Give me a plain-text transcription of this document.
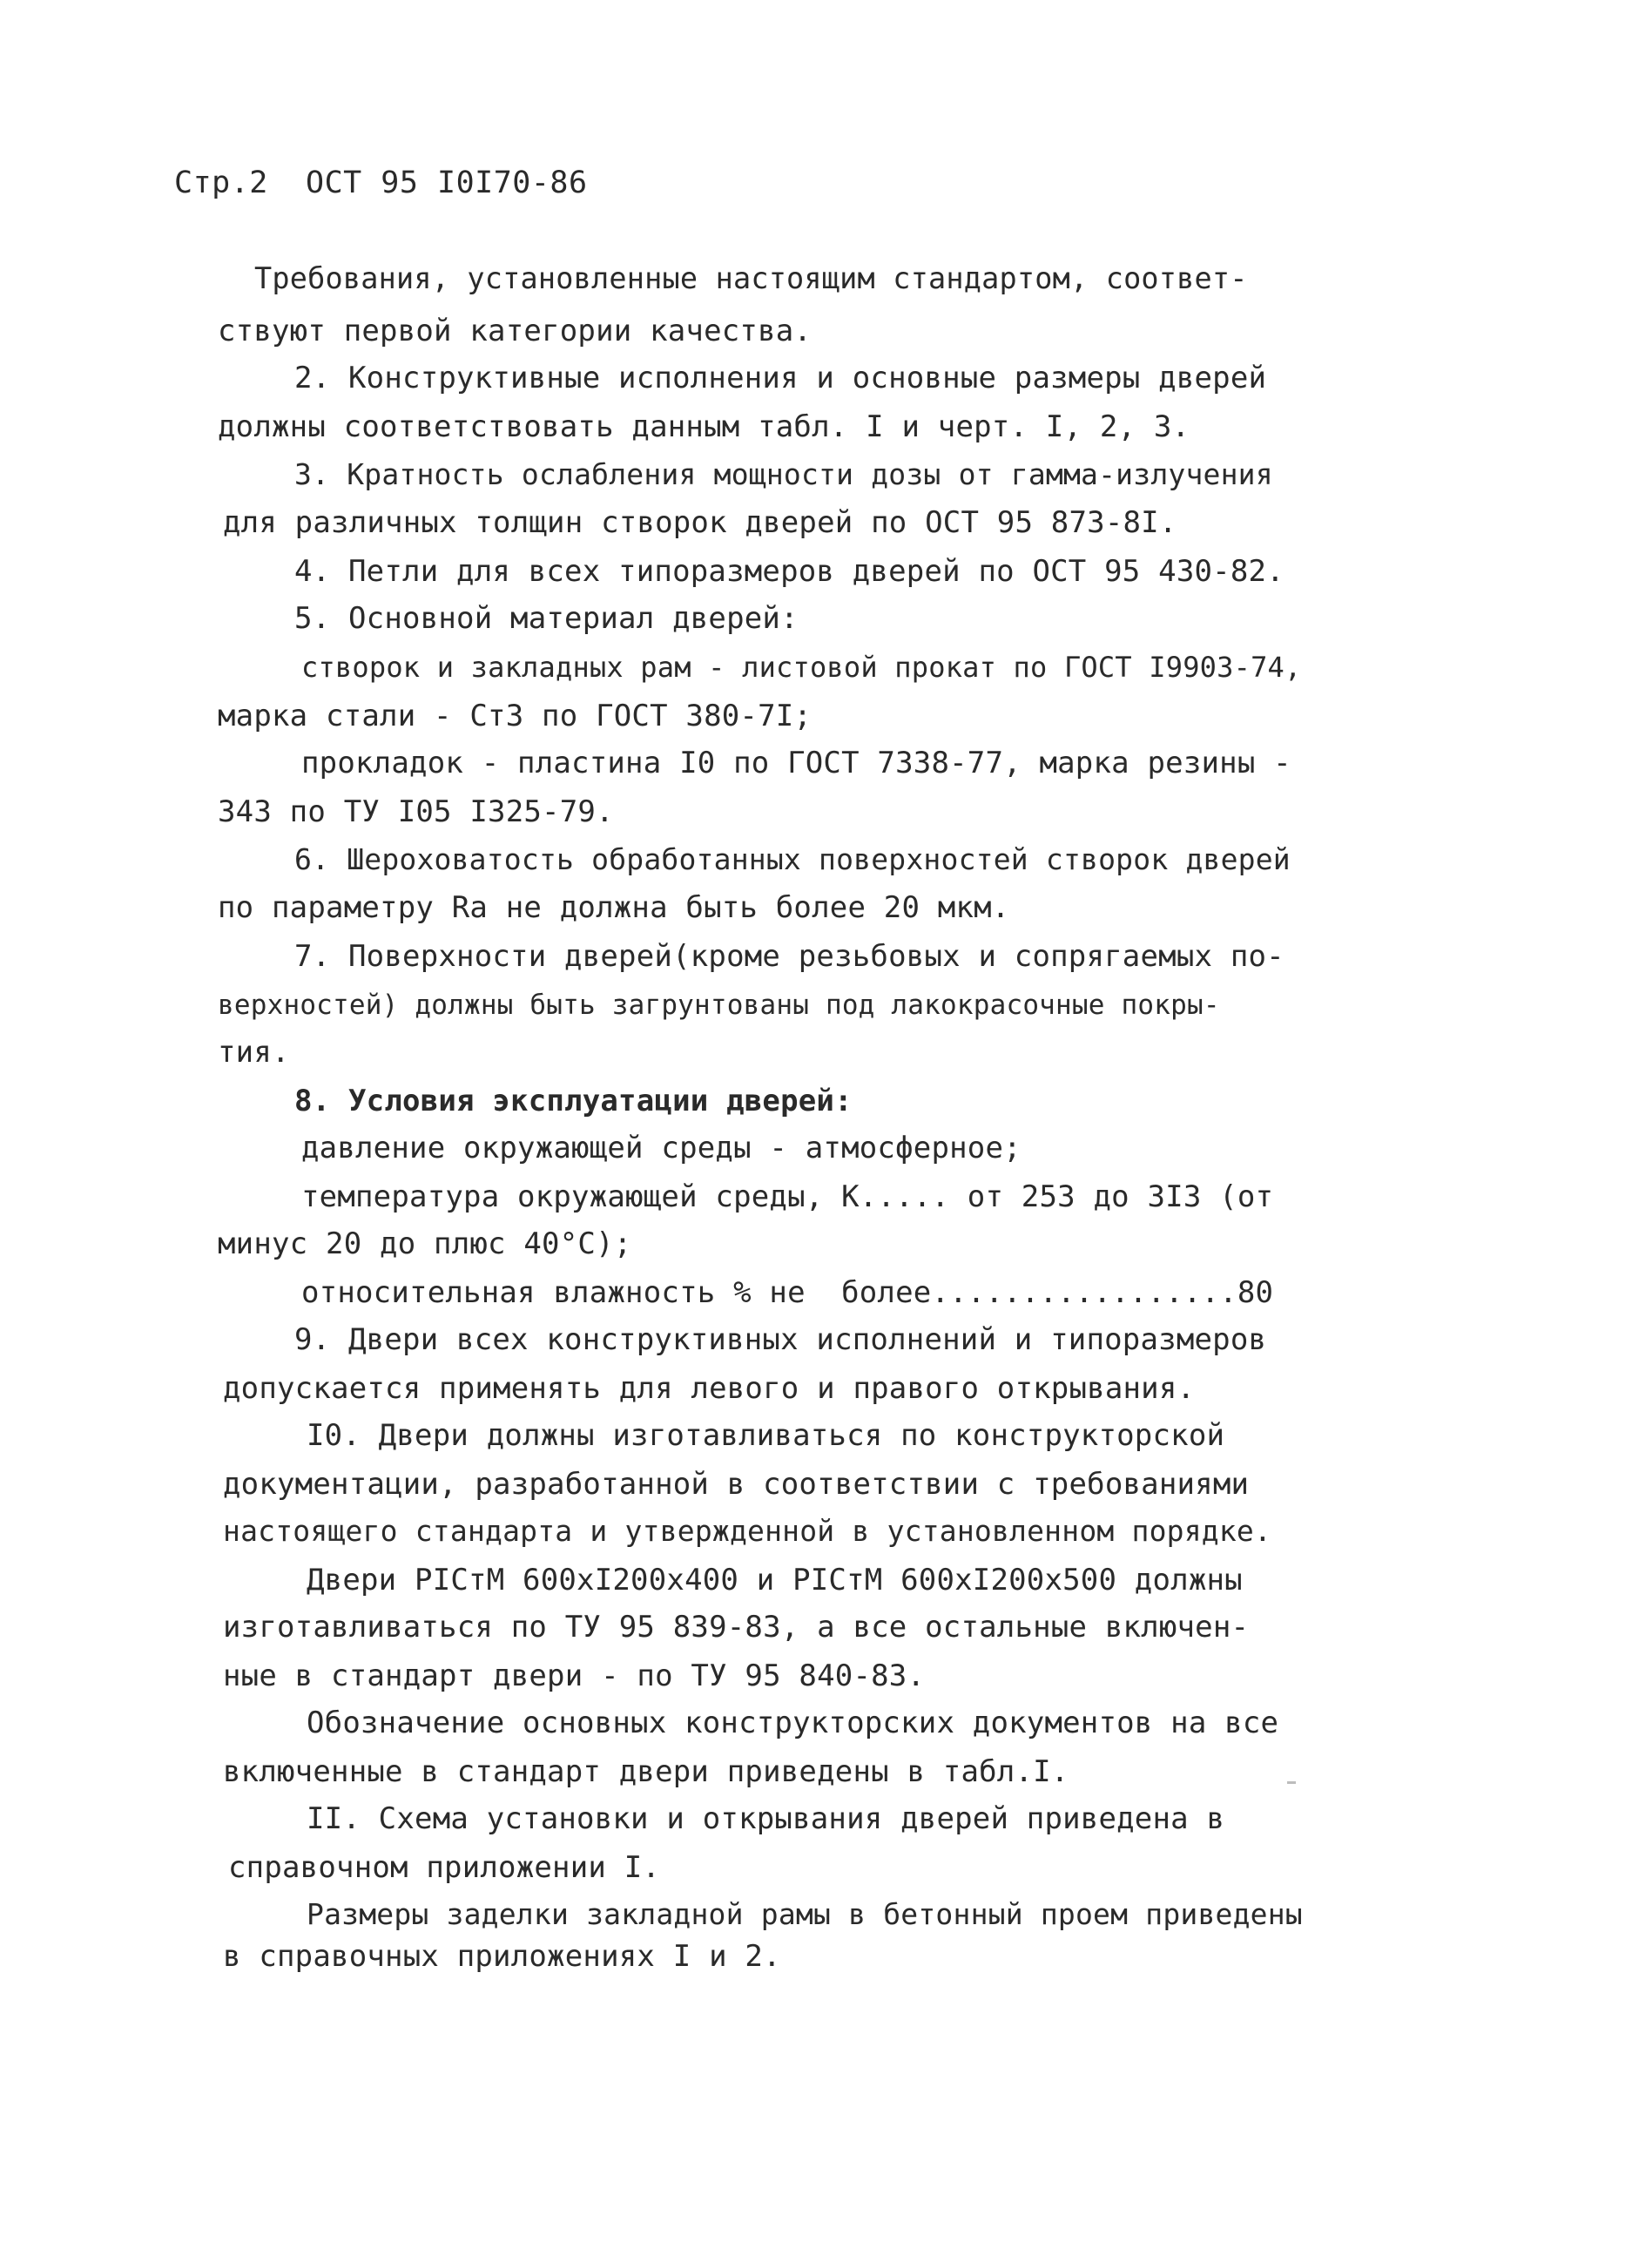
Стр.2  ОСТ 95 I0I70-86
Требования, установленные настоящим стандартом, соответ-
ствуют первой категории качества.
2. Конструктивные исполнения и основные размеры дверей
должны соответствовать данным табл. I и черт. I, 2, 3.
3. Кратность ослабления мощности дозы от гамма-излучения
для различных толщин створок дверей по ОСТ 95 873-8I.
4. Петли для всех типоразмеров дверей по ОСТ 95 430-82.
5. Основной материал дверей:
створок и закладных рам - листовой прокат по ГОСТ I9903-74,
марка стали - Ст3 по ГОСТ 380-7I;
прокладок - пластина I0 по ГОСТ 7338-77, марка резины -
343 по ТУ I05 I325-79.
6. Шероховатость обработанных поверхностей створок дверей
по параметру Rа не должна быть более 20 мкм.
7. Поверхности дверей(кроме резьбовых и сопрягаемых по-
верхностей) должны быть загрунтованы под лакокрасочные покры-
тия.
8. Условия эксплуатации дверей:
давление окружающей среды - атмосферное;
температура окружающей среды, К..... от 253 до 3I3 (от
минус 20 до плюс 40°С);
относительная влажность % не  более.................80
9. Двери всех конструктивных исполнений и типоразмеров
допускается применять для левого и правого открывания.
I0. Двери должны изготавливаться по конструкторской
документации, разработанной в соответствии с требованиями
настоящего стандарта и утвержденной в установленном порядке.
Двери РIСтМ 600хI200х400 и РIСтМ 600хI200х500 должны
изготавливаться по ТУ 95 839-83, а все остальные включен-
ные в стандарт двери - по ТУ 95 840-83.
Обозначение основных конструкторских документов на все
включенные в стандарт двери приведены в табл.I.
II. Схема установки и открывания дверей приведена в
справочном приложении I.
Размеры заделки закладной рамы в бетонный проем приведены
в справочных приложениях I и 2.
